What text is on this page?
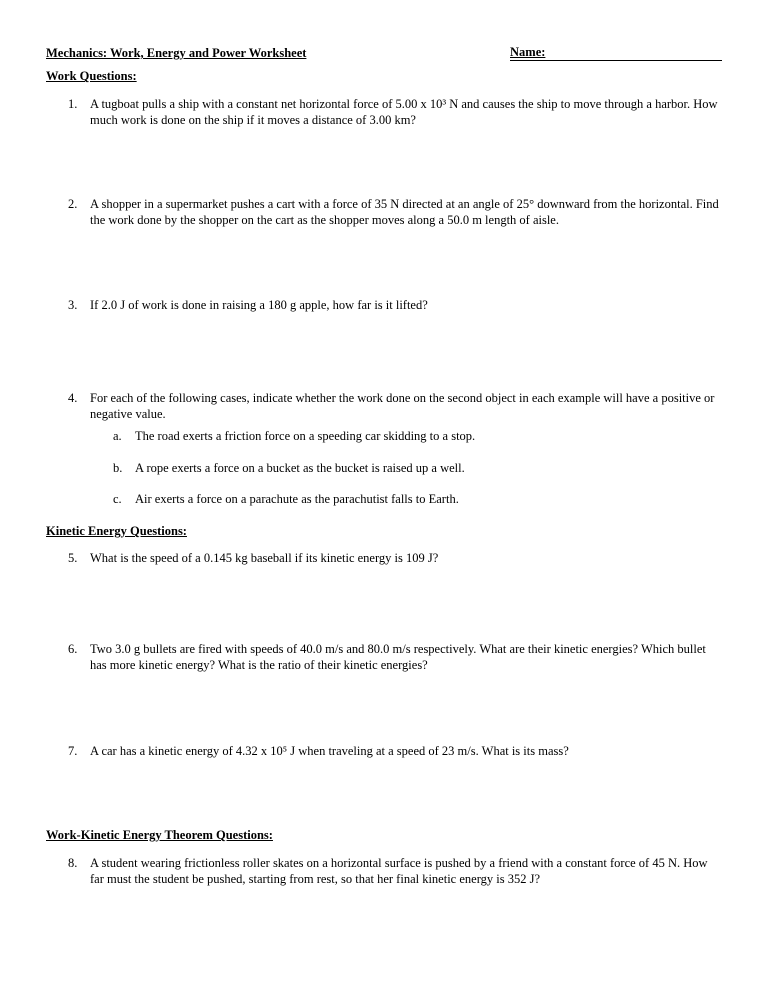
Mechanics: Work, Energy and Power Worksheet	Name:
Work Questions:
1.	A tugboat pulls a ship with a constant net horizontal force of 5.00 x 10³ N and causes the ship to move through a harbor. How much work is done on the ship if it moves a distance of 3.00 km?
2.	A shopper in a supermarket pushes a cart with a force of 35 N directed at an angle of 25° downward from the horizontal. Find the work done by the shopper on the cart as the shopper moves along a 50.0 m length of aisle.
3.	If 2.0 J of work is done in raising a 180 g apple, how far is it lifted?
4.	For each of the following cases, indicate whether the work done on the second object in each example will have a positive or negative value.
a.	The road exerts a friction force on a speeding car skidding to a stop.
b.	A rope exerts a force on a bucket as the bucket is raised up a well.
c.	Air exerts a force on a parachute as the parachutist falls to Earth.
Kinetic Energy Questions:
5.	What is the speed of a 0.145 kg baseball if its kinetic energy is 109 J?
6.	Two 3.0 g bullets are fired with speeds of 40.0 m/s and 80.0 m/s respectively. What are their kinetic energies? Which bullet has more kinetic energy? What is the ratio of their kinetic energies?
7.	A car has a kinetic energy of 4.32 x 10⁵ J when traveling at a speed of 23 m/s. What is its mass?
Work-Kinetic Energy Theorem Questions:
8.	A student wearing frictionless roller skates on a horizontal surface is pushed by a friend with a constant force of 45 N. How far must the student be pushed, starting from rest, so that her final kinetic energy is 352 J?
